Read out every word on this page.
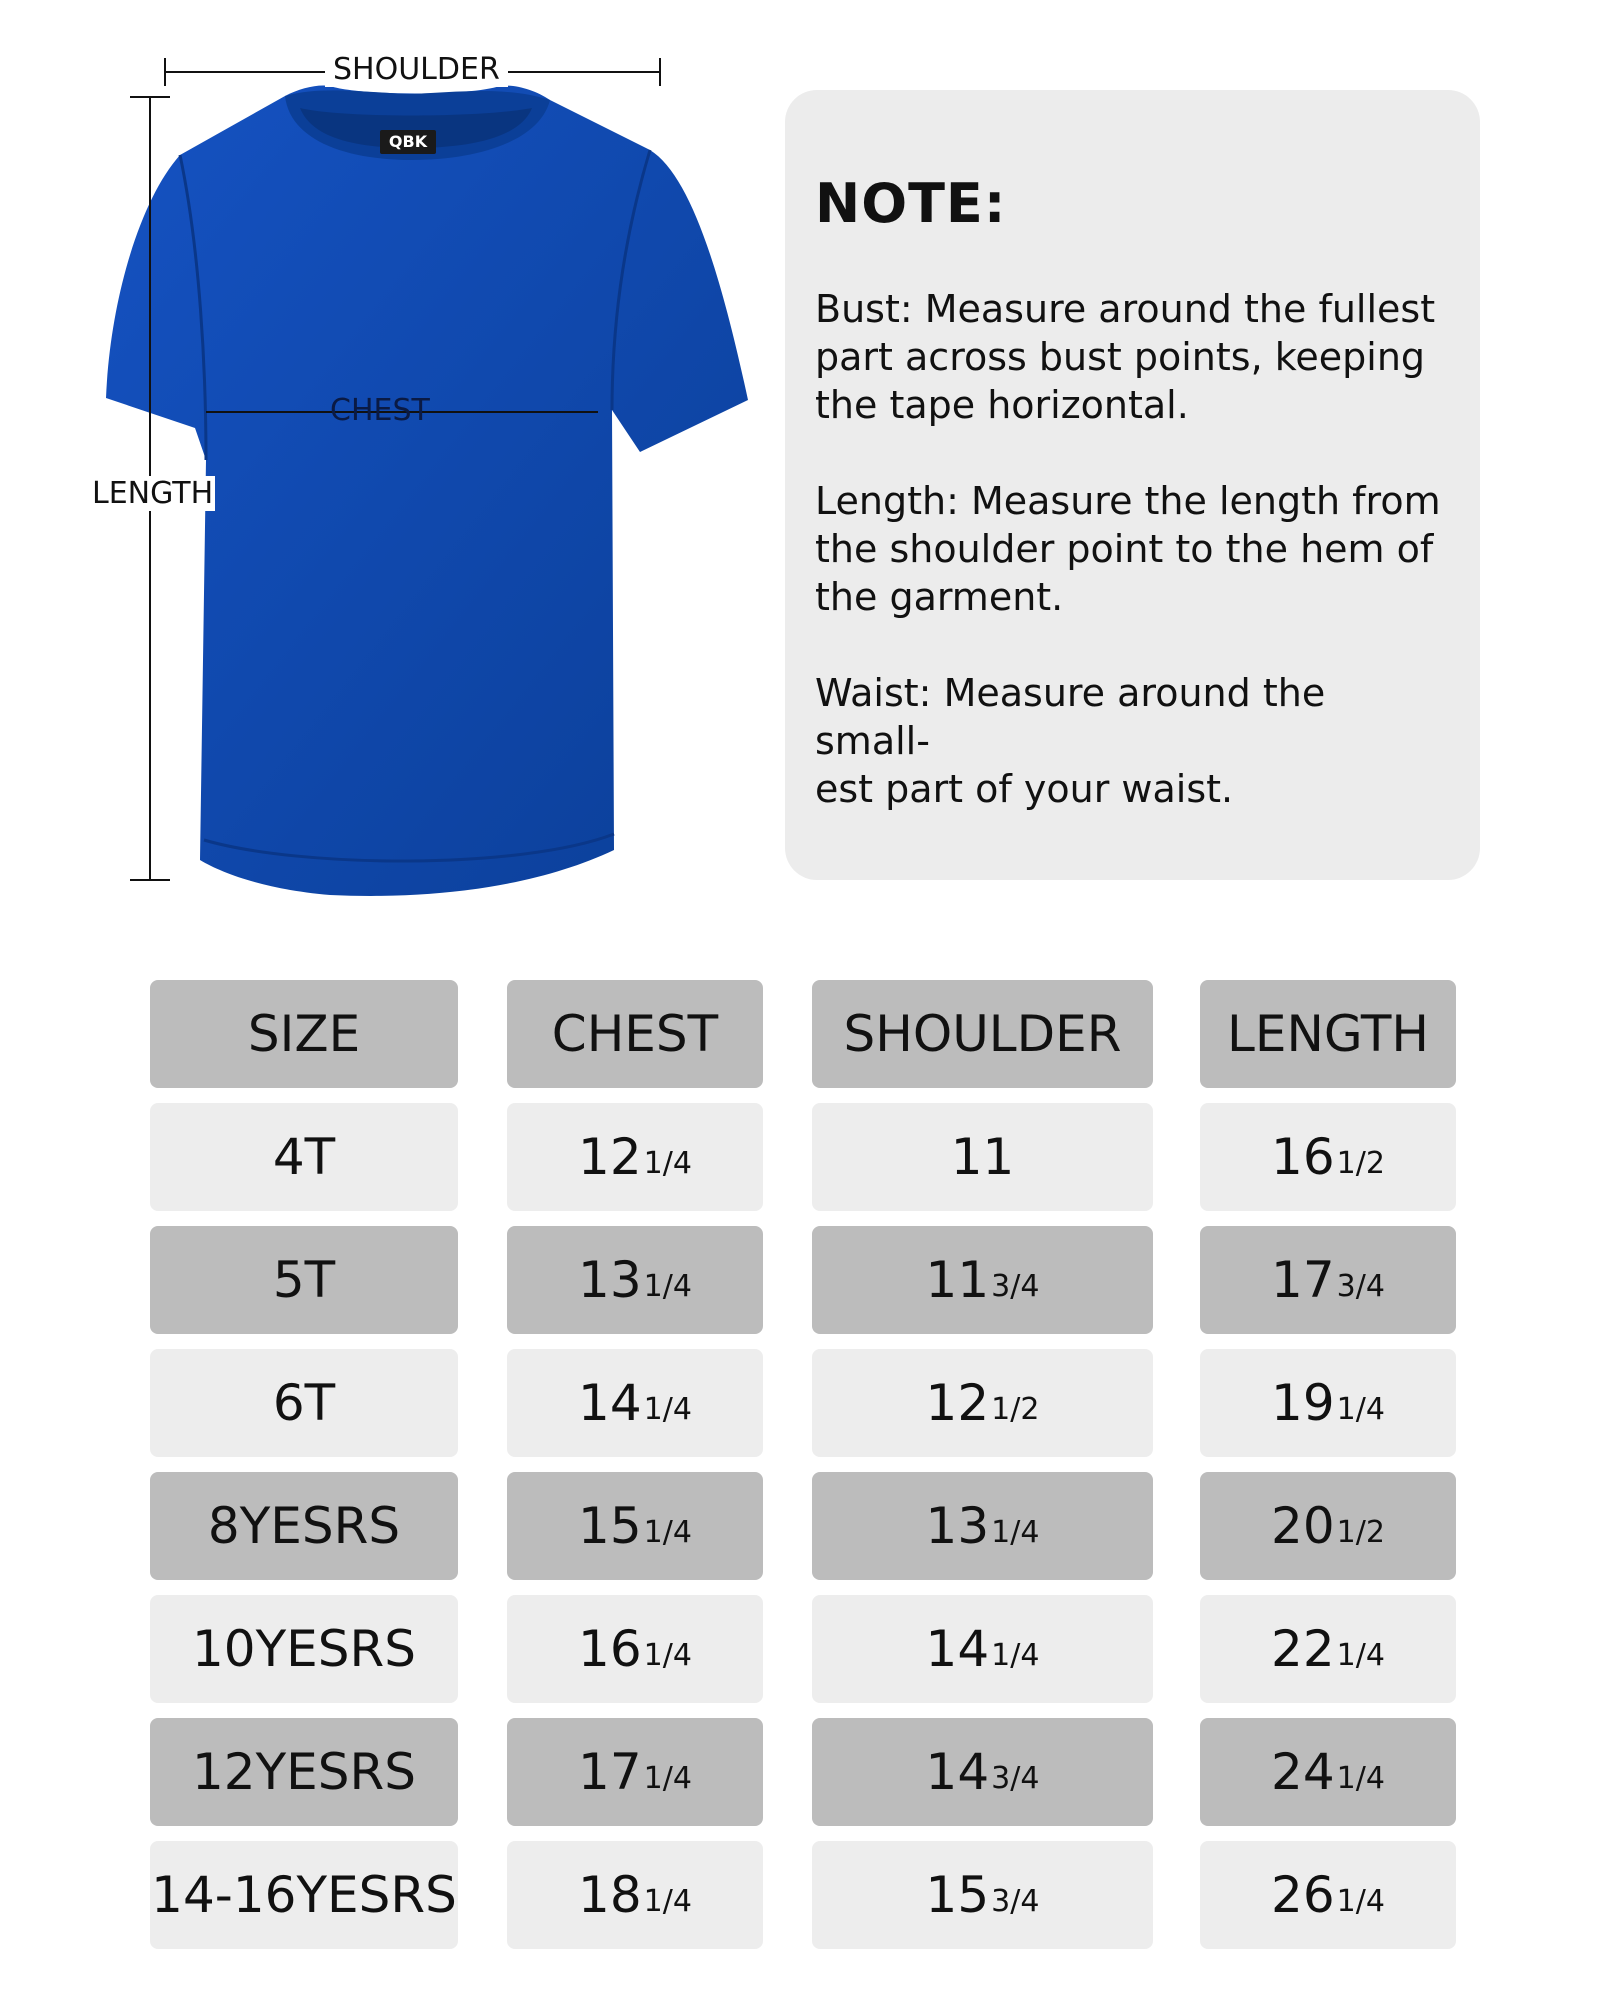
QBK
SHOULDER
CHEST
LENGTH
NOTE:

Bust: Measure around the fullest
part across bust points, keeping
the tape horizontal.

Length: Measure the length from
the shoulder point to the hem of
the garment.

Waist: Measure around the small-
est part of your waist.

SIZE	CHEST	SHOULDER	LENGTH
4T	12 1/4	11	16 1/2
5T	13 1/4	11 3/4	17 3/4
6T	14 1/4	12 1/2	19 1/4
8YESRS	15 1/4	13 1/4	20 1/2
10YESRS	16 1/4	14 1/4	22 1/4
12YESRS	17 1/4	14 3/4	24 1/4
14-16YESRS 18 1/4	15 3/4	26 1/4
